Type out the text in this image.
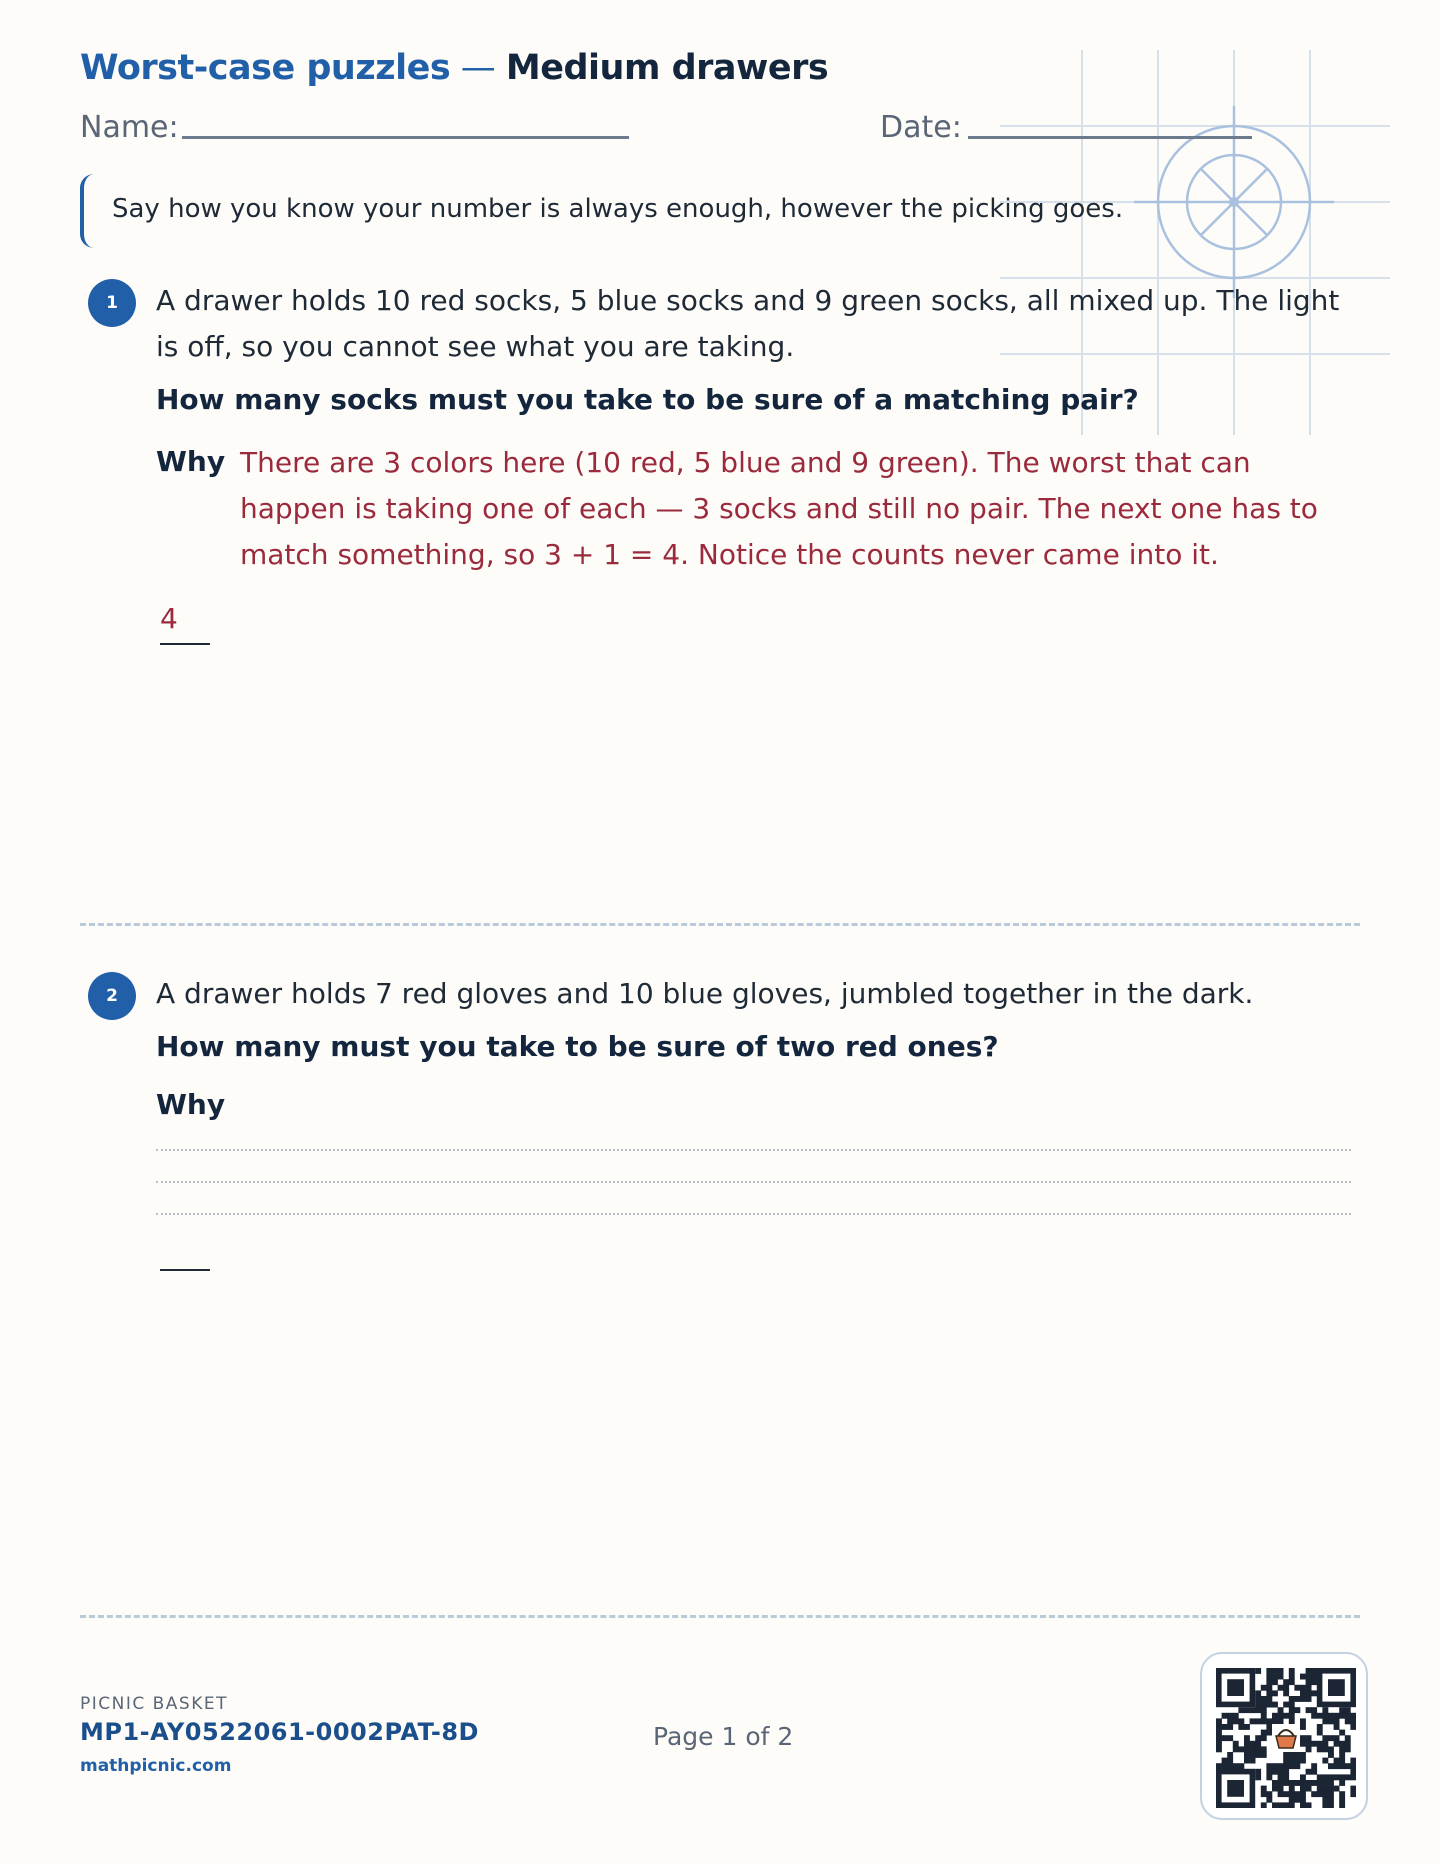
Worst-case puzzles — Medium drawers
Name:	Date:
Say how you know your number is always enough, however the picking goes.
1	A drawer holds 10 red socks, 5 blue socks and 9 green socks, all mixed up. The light is off, so you cannot see what you are taking.
How many socks must you take to be sure of a matching pair?
Why There are 3 colors here (10 red, 5 blue and 9 green). The worst that can happen is taking one of each — 3 socks and still no pair. The next one has to match something, so 3 + 1 = 4. Notice the counts never came into it.
4
2	A drawer holds 7 red gloves and 10 blue gloves, jumbled together in the dark.
How many must you take to be sure of two red ones?
Why
PICNIC BASKET
MP1-AY0522061-0002PAT-8D
mathpicnic.com
Page 1 of 2
